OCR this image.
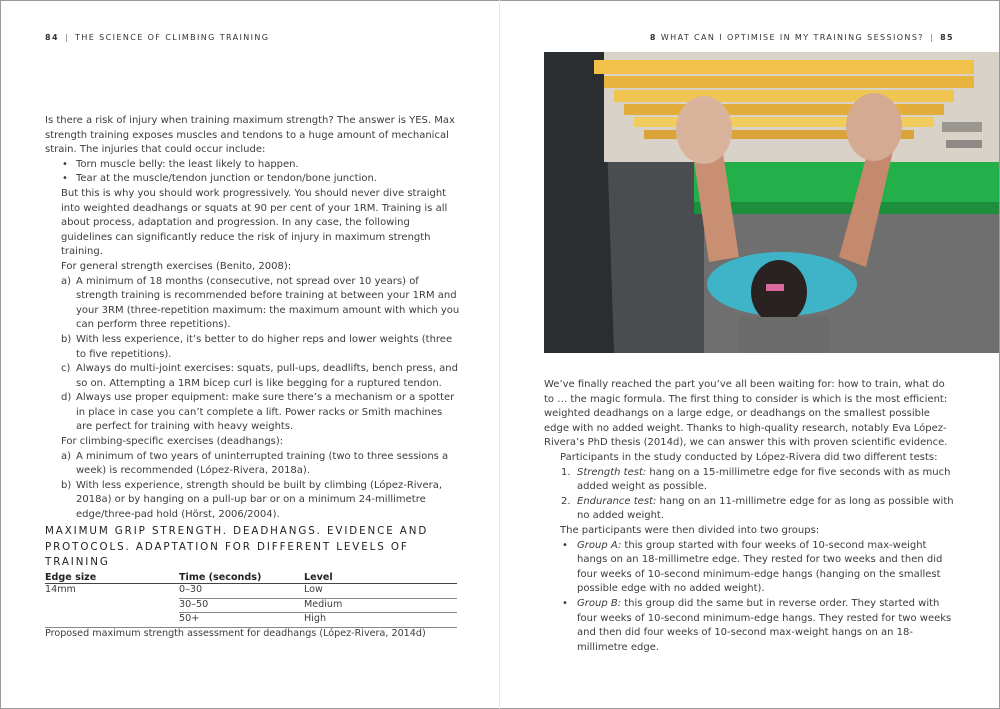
84 | THE SCIENCE OF CLIMBING TRAINING

Is there a risk of injury when training maximum strength? The answer is YES. Max strength training exposes muscles and tendons to a huge amount of mechanical strain. The injuries that could occur include:

• Torn muscle belly: the least likely to happen.
• Tear at the muscle/tendon junction or tendon/bone junction.

But this is why you should work progressively. You should never dive straight into weighted deadhangs or squats at 90 per cent of your 1RM. Training is all about process, adaptation and progression. In any case, the following guidelines can significantly reduce the risk of injury in maximum strength training.

For general strength exercises (Benito, 2008):

a) A minimum of 18 months (consecutive, not spread over 10 years) of strength training is recommended before training at between your 1RM and your 3RM (three-repetition maximum: the maximum amount with which you can perform three repetitions).
b) With less experience, it’s better to do higher reps and lower weights (three to five repetitions).
c) Always do multi-joint exercises: squats, pull-ups, deadlifts, bench press, and so on. Attempting a 1RM bicep curl is like begging for a ruptured tendon.
d) Always use proper equipment: make sure there’s a mechanism or a spotter in place in case you can’t complete a lift. Power racks or Smith machines are perfect for training with heavy weights.

For climbing-specific exercises (deadhangs):

a) A minimum of two years of uninterrupted training (two to three sessions a week) is recommended (López-Rivera, 2018a).
b) With less experience, strength should be built by climbing (López-Rivera, 2018a) or by hanging on a pull-up bar or on a minimum 24-millimetre edge/three-pad hold (Hörst, 2006/2004).
MAXIMUM GRIP STRENGTH. DEADHANGS. EVIDENCE AND PROTOCOLS. ADAPTATION FOR DIFFERENT LEVELS OF TRAINING
Edge size	Time (seconds)	Level
14mm	0–30	Low
	30–50	Medium
	50+	High
Proposed maximum strength assessment for deadhangs (López-Rivera, 2014d)
8 WHAT CAN I OPTIMISE IN MY TRAINING SESSIONS? | 85

We’ve finally reached the part you’ve all been waiting for: how to train, what do to … the magic formula. The first thing to consider is which is the most efficient: weighted deadhangs on a large edge, or deadhangs on the smallest possible edge with no added weight. Thanks to high-quality research, notably Eva López-Rivera’s PhD thesis (2014d), we can answer this with proven scientific evidence.

Participants in the study conducted by López-Rivera did two different tests:

1. Strength test: hang on a 15-millimetre edge for five seconds with as much added weight as possible.
2. Endurance test: hang on an 11-millimetre edge for as long as possible with no added weight.

The participants were then divided into two groups:

• Group A: this group started with four weeks of 10-second max-weight hangs on an 18-millimetre edge. They rested for two weeks and then did four weeks of 10-second minimum-edge hangs (hanging on the smallest possible edge with no added weight).
• Group B: this group did the same but in reverse order. They started with four weeks of 10-second minimum-edge hangs. They rested for two weeks and then did four weeks of 10-second max-weight hangs on an 18-millimetre edge.
